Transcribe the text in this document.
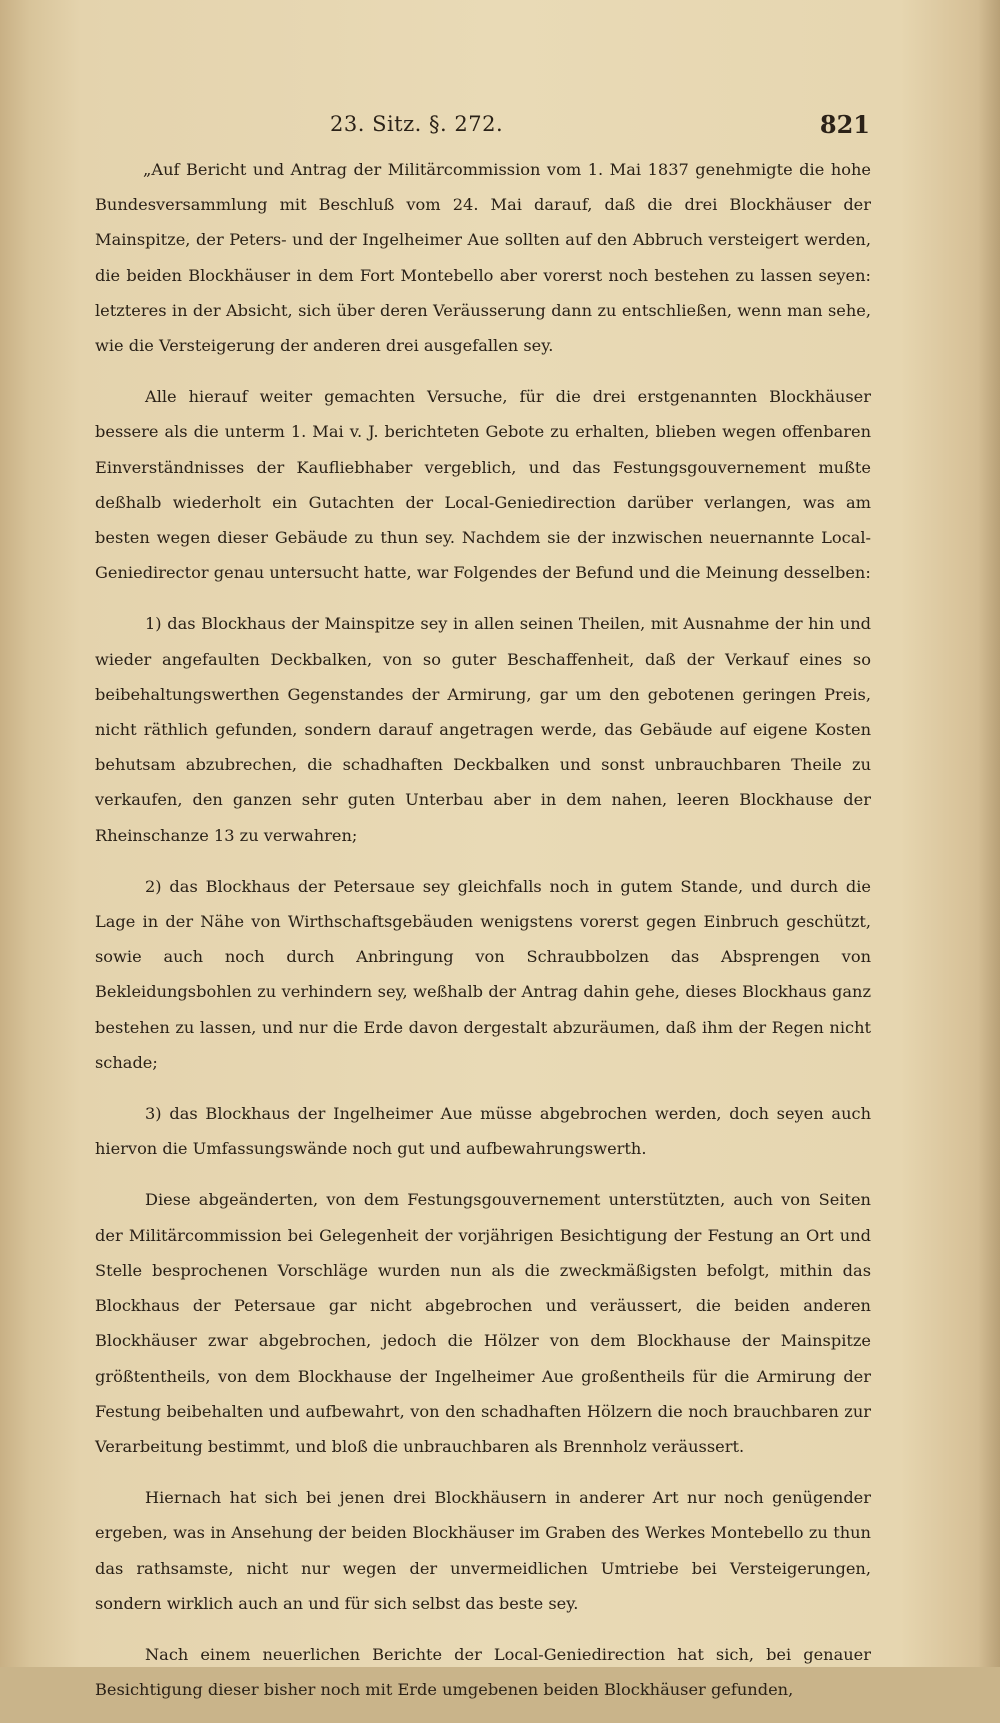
23. Sitz. §. 272.	821

„Auf Bericht und Antrag der Militärcommission vom 1. Mai 1837 genehmigte die hohe Bundesversammlung mit Beschluß vom 24. Mai darauf, daß die drei Blockhäuser der Mainspitze, der Peters- und der Ingelheimer Aue sollten auf den Abbruch versteigert werden, die beiden Blockhäuser in dem Fort Montebello aber vorerst noch bestehen zu lassen seyen: letzteres in der Absicht, sich über deren Veräusserung dann zu entschließen, wenn man sehe, wie die Versteigerung der anderen drei ausgefallen sey.

Alle hierauf weiter gemachten Versuche, für die drei erstgenannten Blockhäuser bessere als die unterm 1. Mai v. J. berichteten Gebote zu erhalten, blieben wegen offenbaren Einverständnisses der Kaufliebhaber vergeblich, und das Festungsgouvernement mußte deßhalb wiederholt ein Gutachten der Local-Geniedirection darüber verlangen, was am besten wegen dieser Gebäude zu thun sey. Nachdem sie der inzwischen neuernannte Local-Geniedirector genau untersucht hatte, war Folgendes der Befund und die Meinung desselben:

1) das Blockhaus der Mainspitze sey in allen seinen Theilen, mit Ausnahme der hin und wieder angefaulten Deckbalken, von so guter Beschaffenheit, daß der Verkauf eines so beibehaltungswerthen Gegenstandes der Armirung, gar um den gebotenen geringen Preis, nicht räthlich gefunden, sondern darauf angetragen werde, das Gebäude auf eigene Kosten behutsam abzubrechen, die schadhaften Deckbalken und sonst unbrauchbaren Theile zu verkaufen, den ganzen sehr guten Unterbau aber in dem nahen, leeren Blockhause der Rheinschanze 13 zu verwahren;

2) das Blockhaus der Petersaue sey gleichfalls noch in gutem Stande, und durch die Lage in der Nähe von Wirthschaftsgebäuden wenigstens vorerst gegen Einbruch geschützt, sowie auch noch durch Anbringung von Schraubbolzen das Absprengen von Bekleidungsbohlen zu verhindern sey, weßhalb der Antrag dahin gehe, dieses Blockhaus ganz bestehen zu lassen, und nur die Erde davon dergestalt abzuräumen, daß ihm der Regen nicht schade;

3) das Blockhaus der Ingelheimer Aue müsse abgebrochen werden, doch seyen auch hiervon die Umfassungswände noch gut und aufbewahrungswerth.

Diese abgeänderten, von dem Festungsgouvernement unterstützten, auch von Seiten der Militärcommission bei Gelegenheit der vorjährigen Besichtigung der Festung an Ort und Stelle besprochenen Vorschläge wurden nun als die zweckmäßigsten befolgt, mithin das Blockhaus der Petersaue gar nicht abgebrochen und veräussert, die beiden anderen Blockhäuser zwar abgebrochen, jedoch die Hölzer von dem Blockhause der Mainspitze größtentheils, von dem Blockhause der Ingelheimer Aue großentheils für die Armirung der Festung beibehalten und aufbewahrt, von den schadhaften Hölzern die noch brauchbaren zur Verarbeitung bestimmt, und bloß die unbrauchbaren als Brennholz veräussert.

Hiernach hat sich bei jenen drei Blockhäusern in anderer Art nur noch genügender ergeben, was in Ansehung der beiden Blockhäuser im Graben des Werkes Montebello zu thun das rathsamste, nicht nur wegen der unvermeidlichen Umtriebe bei Versteigerungen, sondern wirklich auch an und für sich selbst das beste sey.

Nach einem neuerlichen Berichte der Local-Geniedirection hat sich, bei genauer Besichtigung dieser bisher noch mit Erde umgebenen beiden Blockhäuser gefunden,
